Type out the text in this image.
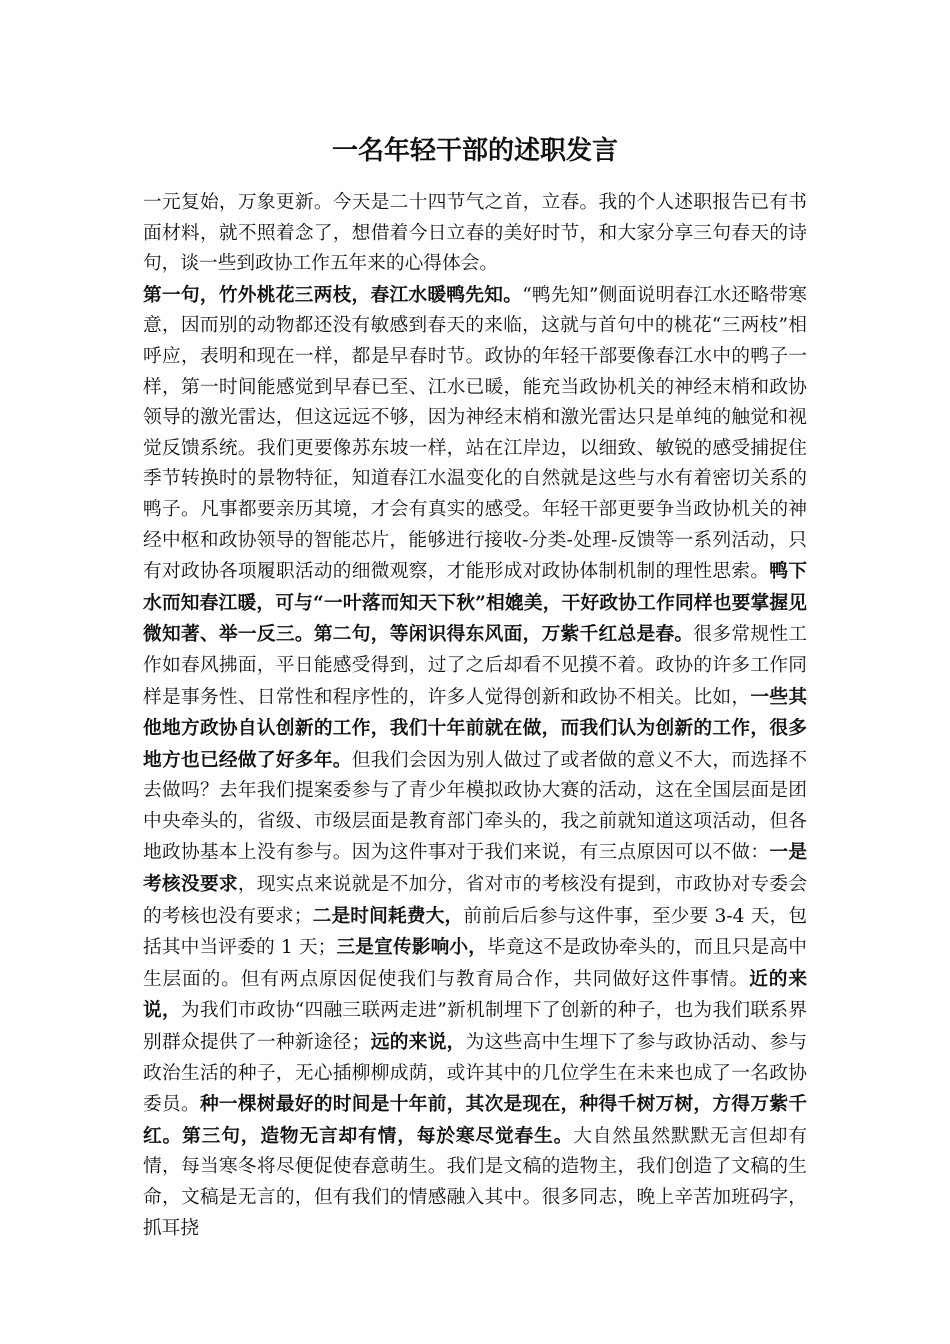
一名年轻干部的述职发言

一元复始，万象更新。今天是二十四节气之首，立春。我的个人述职报告已有书面材料，就不照着念了，想借着今日立春的美好时节，和大家分享三句春天的诗句，谈一些到政协工作五年来的心得体会。

第一句，竹外桃花三两枝，春江水暖鸭先知。“鸭先知”侧面说明春江水还略带寒意，因而别的动物都还没有敏感到春天的来临，这就与首句中的桃花“三两枝”相呼应，表明和现在一样，都是早春时节。政协的年轻干部要像春江水中的鸭子一样，第一时间能感觉到早春已至、江水已暖，能充当政协机关的神经末梢和政协领导的激光雷达，但这远远不够，因为神经末梢和激光雷达只是单纯的触觉和视觉反馈系统。我们更要像苏东坡一样，站在江岸边，以细致、敏锐的感受捕捉住季节转换时的景物特征，知道春江水温变化的自然就是这些与水有着密切关系的鸭子。凡事都要亲历其境，才会有真实的感受。年轻干部更要争当政协机关的神经中枢和政协领导的智能芯片，能够进行接收-分类-处理-反馈等一系列活动，只有对政协各项履职活动的细微观察，才能形成对政协体制机制的理性思索。鸭下水而知春江暖，可与“一叶落而知天下秋”相媲美，干好政协工作同样也要掌握见微知著、举一反三。第二句，等闲识得东风面，万紫千红总是春。很多常规性工作如春风拂面，平日能感受得到，过了之后却看不见摸不着。政协的许多工作同样是事务性、日常性和程序性的，许多人觉得创新和政协不相关。比如，一些其他地方政协自认创新的工作，我们十年前就在做，而我们认为创新的工作，很多地方也已经做了好多年。但我们会因为别人做过了或者做的意义不大，而选择不去做吗？去年我们提案委参与了青少年模拟政协大赛的活动，这在全国层面是团中央牵头的，省级、市级层面是教育部门牵头的，我之前就知道这项活动，但各地政协基本上没有参与。因为这件事对于我们来说，有三点原因可以不做：一是考核没要求，现实点来说就是不加分，省对市的考核没有提到，市政协对专委会的考核也没有要求；二是时间耗费大，前前后后参与这件事，至少要 3-4 天，包括其中当评委的 1 天；三是宣传影响小，毕竟这不是政协牵头的，而且只是高中生层面的。但有两点原因促使我们与教育局合作，共同做好这件事情。近的来说，为我们市政协“四融三联两走进”新机制埋下了创新的种子，也为我们联系界别群众提供了一种新途径；远的来说，为这些高中生埋下了参与政协活动、参与政治生活的种子，无心插柳柳成荫，或许其中的几位学生在未来也成了一名政协委员。种一棵树最好的时间是十年前，其次是现在，种得千树万树，方得万紫千红。第三句，造物无言却有情，每於寒尽觉春生。大自然虽然默默无言但却有情，每当寒冬将尽便促使春意萌生。我们是文稿的造物主，我们创造了文稿的生命，文稿是无言的，但有我们的情感融入其中。很多同志，晚上辛苦加班码字，抓耳挠
